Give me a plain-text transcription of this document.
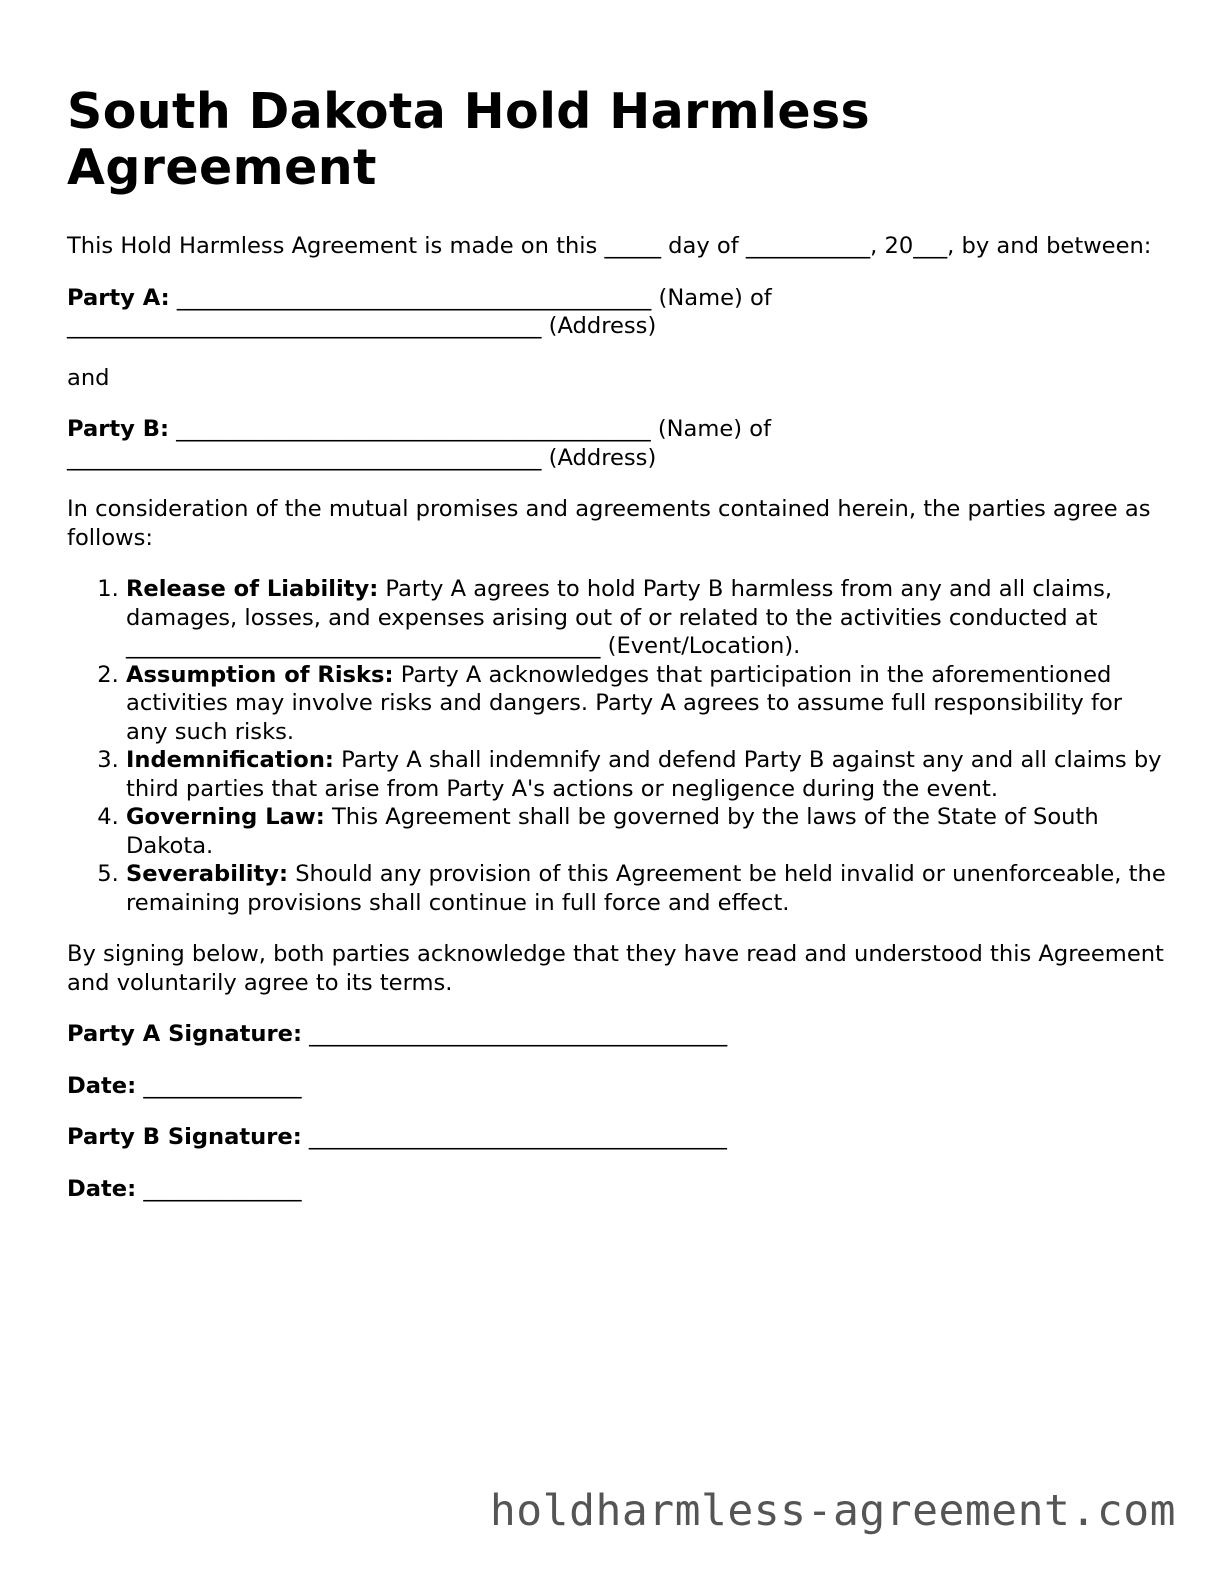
South Dakota Hold Harmless Agreement

This Hold Harmless Agreement is made on this _____ day of ___________, 20___, by and between:

Party A: __________________________________________ (Name) of

__________________________________________ (Address)

and

Party B: __________________________________________ (Name) of

__________________________________________ (Address)

In consideration of the mutual promises and agreements contained herein, the parties agree as follows:

1. Release of Liability: Party A agrees to hold Party B harmless from any and all claims, damages, losses, and expenses arising out of or related to the activities conducted at __________________________________________ (Event/Location).
2. Assumption of Risks: Party A acknowledges that participation in the aforementioned activities may involve risks and dangers. Party A agrees to assume full responsibility for any such risks.
3. Indemnification: Party A shall indemnify and defend Party B against any and all claims by third parties that arise from Party A's actions or negligence during the event.
4. Governing Law: This Agreement shall be governed by the laws of the State of South Dakota.
5. Severability: Should any provision of this Agreement be held invalid or unenforceable, the remaining provisions shall continue in full force and effect.

By signing below, both parties acknowledge that they have read and understood this Agreement and voluntarily agree to its terms.

Party A Signature: _____________________________________

Date: ______________

Party B Signature: _____________________________________

Date: ______________

holdharmless-agreement.com
